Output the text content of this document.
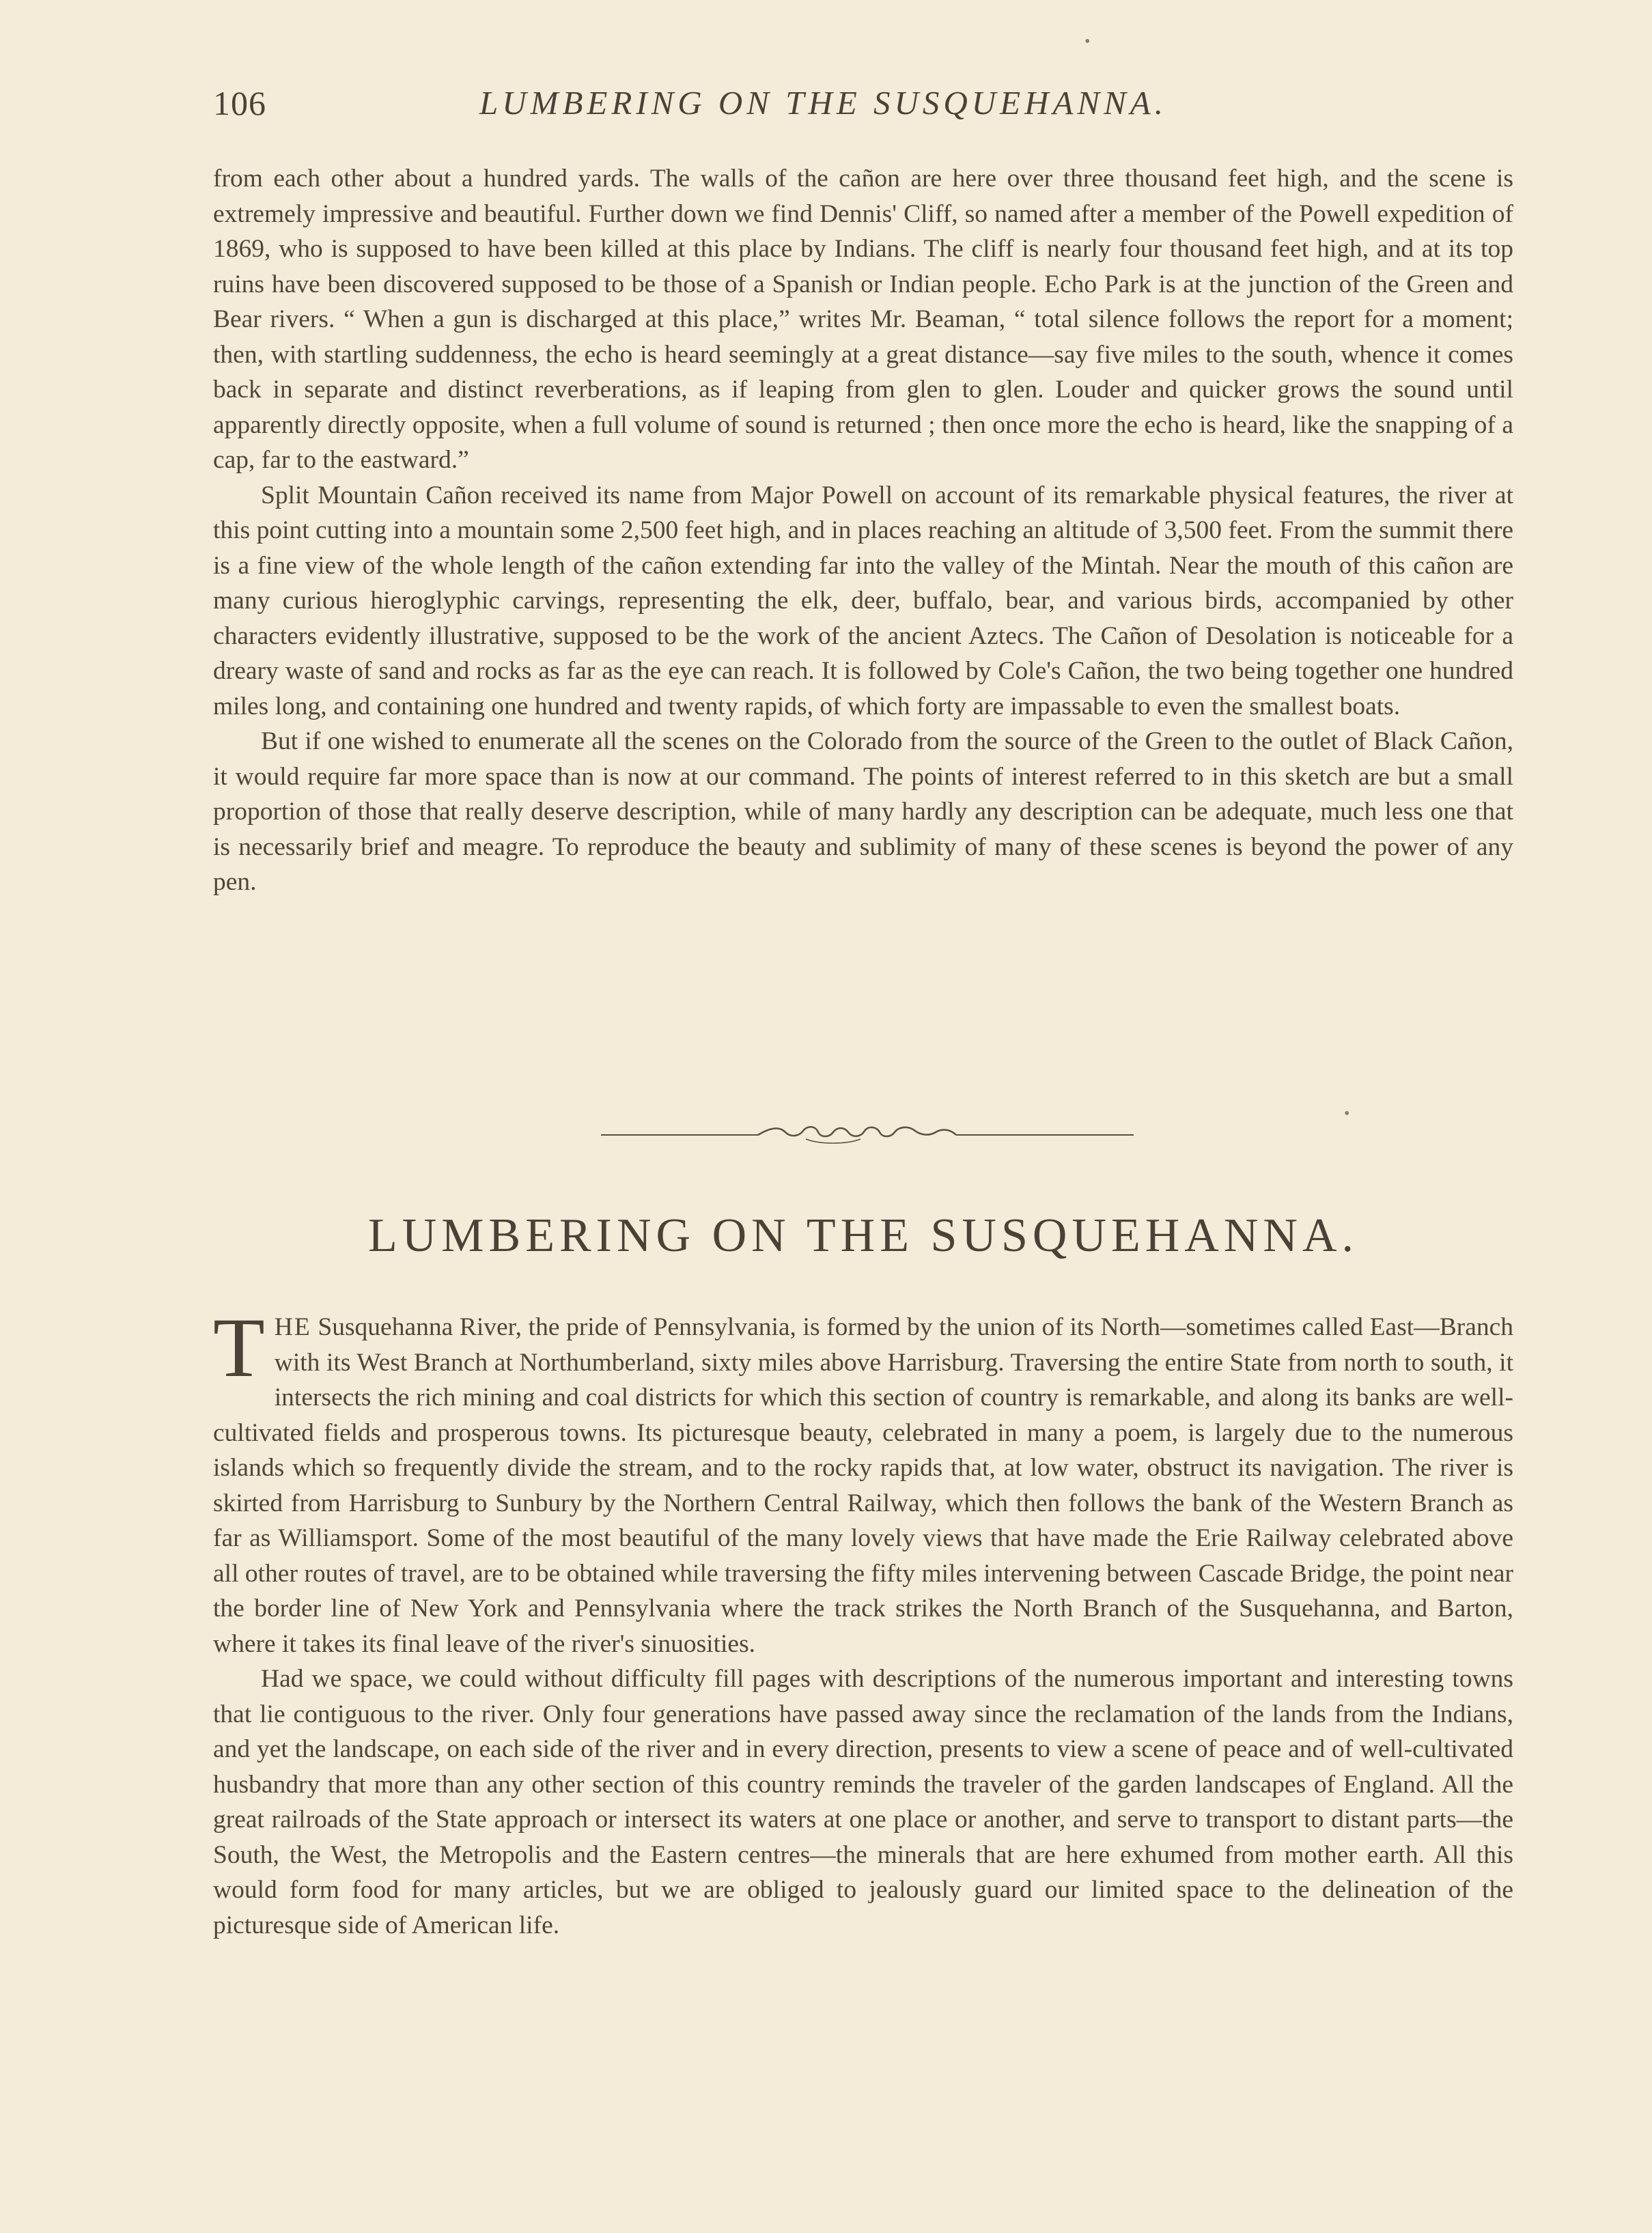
106	LUMBERING ON THE SUSQUEHANNA.

from each other about a hundred yards. The walls of the cañon are here over three thousand feet high, and the scene is extremely impressive and beautiful. Further down we find Dennis' Cliff, so named after a member of the Powell expedition of 1869, who is supposed to have been killed at this place by Indians. The cliff is nearly four thousand feet high, and at its top ruins have been discovered supposed to be those of a Spanish or Indian people. Echo Park is at the junction of the Green and Bear rivers. “ When a gun is discharged at this place,” writes Mr. Beaman, “ total silence follows the report for a moment; then, with startling suddenness, the echo is heard seemingly at a great distance—say five miles to the south, whence it comes back in separate and distinct reverberations, as if leaping from glen to glen. Louder and quicker grows the sound until apparently directly opposite, when a full volume of sound is returned ; then once more the echo is heard, like the snapping of a cap, far to the eastward.”

Split Mountain Cañon received its name from Major Powell on account of its remarkable physical features, the river at this point cutting into a mountain some 2,500 feet high, and in places reaching an altitude of 3,500 feet. From the summit there is a fine view of the whole length of the cañon extending far into the valley of the Mintah. Near the mouth of this cañon are many curious hieroglyphic carvings, representing the elk, deer, buffalo, bear, and various birds, accompanied by other characters evidently illustrative, supposed to be the work of the ancient Aztecs. The Cañon of Desolation is noticeable for a dreary waste of sand and rocks as far as the eye can reach. It is followed by Cole's Cañon, the two being together one hundred miles long, and containing one hundred and twenty rapids, of which forty are impassable to even the smallest boats.

But if one wished to enumerate all the scenes on the Colorado from the source of the Green to the outlet of Black Cañon, it would require far more space than is now at our command. The points of interest referred to in this sketch are but a small proportion of those that really deserve description, while of many hardly any description can be adequate, much less one that is necessarily brief and meagre. To reproduce the beauty and sublimity of many of these scenes is beyond the power of any pen.

LUMBERING ON THE SUSQUEHANNA.

THE Susquehanna River, the pride of Pennsylvania, is formed by the union of its North—sometimes called East—Branch with its West Branch at Northumberland, sixty miles above Harrisburg. Traversing the entire State from north to south, it intersects the rich mining and coal districts for which this section of country is remarkable, and along its banks are well-cultivated fields and prosperous towns. Its picturesque beauty, celebrated in many a poem, is largely due to the numerous islands which so frequently divide the stream, and to the rocky rapids that, at low water, obstruct its navigation. The river is skirted from Harrisburg to Sunbury by the Northern Central Railway, which then follows the bank of the Western Branch as far as Williamsport. Some of the most beautiful of the many lovely views that have made the Erie Railway celebrated above all other routes of travel, are to be obtained while traversing the fifty miles intervening between Cascade Bridge, the point near the border line of New York and Pennsylvania where the track strikes the North Branch of the Susquehanna, and Barton, where it takes its final leave of the river's sinuosities.

Had we space, we could without difficulty fill pages with descriptions of the numerous important and interesting towns that lie contiguous to the river. Only four generations have passed away since the reclamation of the lands from the Indians, and yet the landscape, on each side of the river and in every direction, presents to view a scene of peace and of well-cultivated husbandry that more than any other section of this country reminds the traveler of the garden landscapes of England. All the great railroads of the State approach or intersect its waters at one place or another, and serve to transport to distant parts—the South, the West, the Metropolis and the Eastern centres—the minerals that are here exhumed from mother earth. All this would form food for many articles, but we are obliged to jealously guard our limited space to the delineation of the picturesque side of American life.

•
•
